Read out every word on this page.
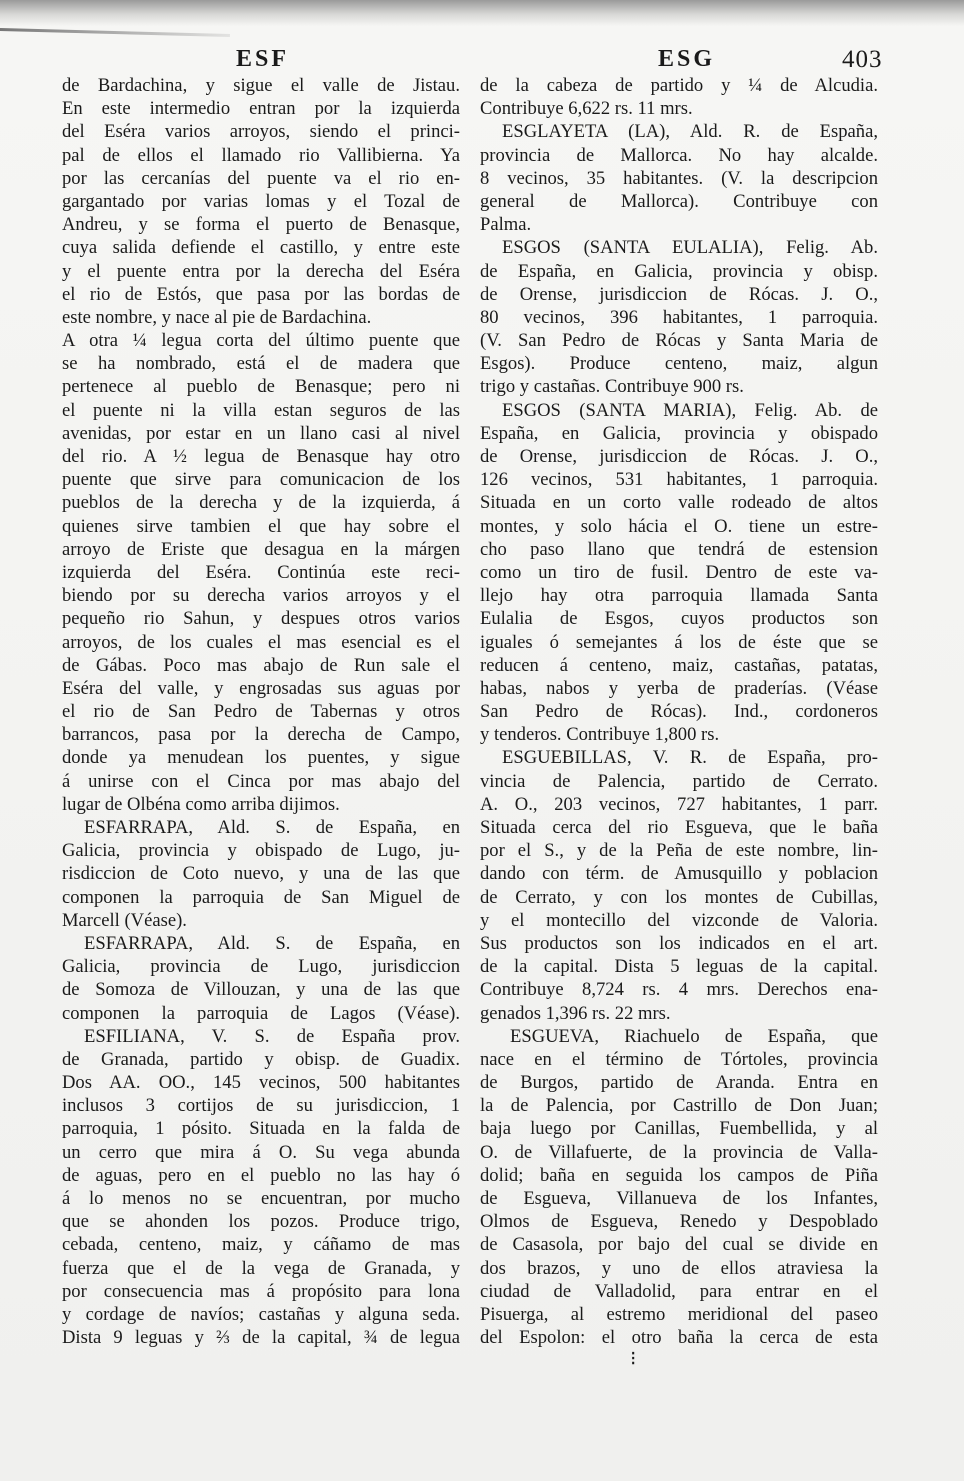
ESF	ESG	403
de Bardachina, y sigue el valle de Jistau.
En este intermedio entran por la izquierda
del Eséra varios arroyos, siendo el princi-
pal de ellos el llamado rio Vallibierna. Ya
por las cercanías del puente va el rio en-
gargantado por varias lomas y el Tozal de
Andreu, y se forma el puerto de Benasque,
cuya salida defiende el castillo, y entre este
y el puente entra por la derecha del Eséra
el rio de Estós, que pasa por las bordas de
este nombre, y nace al pie de Bardachina.
A otra ¼ legua corta del último puente que
se ha nombrado, está el de madera que
pertenece al pueblo de Benasque; pero ni
el puente ni la villa estan seguros de las
avenidas, por estar en un llano casi al nivel
del rio. A ½ legua de Benasque hay otro
puente que sirve para comunicacion de los
pueblos de la derecha y de la izquierda, á
quienes sirve tambien el que hay sobre el
arroyo de Eriste que desagua en la márgen
izquierda del Eséra. Continúa este reci-
biendo por su derecha varios arroyos y el
pequeño rio Sahun, y despues otros varios
arroyos, de los cuales el mas esencial es el
de Gábas. Poco mas abajo de Run sale el
Eséra del valle, y engrosadas sus aguas por
el rio de San Pedro de Tabernas y otros
barrancos, pasa por la derecha de Campo,
donde ya menudean los puentes, y sigue
á unirse con el Cinca por mas abajo del
lugar de Olbéna como arriba dijimos.
ESFARRAPA, Ald. S. de España, en
Galicia, provincia y obispado de Lugo, ju-
risdiccion de Coto nuevo, y una de las que
componen la parroquia de San Miguel de
Marcell (Véase).
ESFARRAPA, Ald. S. de España, en
Galicia, provincia de Lugo, jurisdiccion
de Somoza de Villouzan, y una de las que
componen la parroquia de Lagos (Véase).
ESFILIANA, V. S. de España prov.
de Granada, partido y obisp. de Guadix.
Dos AA. OO., 145 vecinos, 500 habitantes
inclusos 3 cortijos de su jurisdiccion, 1
parroquia, 1 pósito. Situada en la falda de
un cerro que mira á O. Su vega abunda
de aguas, pero en el pueblo no las hay ó
á lo menos no se encuentran, por mucho
que se ahonden los pozos. Produce trigo,
cebada, centeno, maiz, y cáñamo de mas
fuerza que el de la vega de Granada, y
por consecuencia mas á propósito para lona
y cordage de navíos; castañas y alguna seda.
Dista 9 leguas y ⅔ de la capital, ¾ de legua
de la cabeza de partido y ¼ de Alcudia.
Contribuye 6,622 rs. 11 mrs.
ESGLAYETA (LA), Ald. R. de España,
provincia de Mallorca. No hay alcalde.
8 vecinos, 35 habitantes. (V. la descripcion
general de Mallorca). Contribuye con
Palma.
ESGOS (SANTA EULALIA), Felig. Ab.
de España, en Galicia, provincia y obisp.
de Orense, jurisdiccion de Rócas. J. O.,
80 vecinos, 396 habitantes, 1 parroquia.
(V. San Pedro de Rócas y Santa Maria de
Esgos). Produce centeno, maiz, algun
trigo y castañas. Contribuye 900 rs.
ESGOS (SANTA MARIA), Felig. Ab. de
España, en Galicia, provincia y obispado
de Orense, jurisdiccion de Rócas. J. O.,
126 vecinos, 531 habitantes, 1 parroquia.
Situada en un corto valle rodeado de altos
montes, y solo hácia el O. tiene un estre-
cho paso llano que tendrá de estension
como un tiro de fusil. Dentro de este va-
llejo hay otra parroquia llamada Santa
Eulalia de Esgos, cuyos productos son
iguales ó semejantes á los de éste que se
reducen á centeno, maiz, castañas, patatas,
habas, nabos y yerba de praderías. (Véase
San Pedro de Rócas). Ind., cordoneros
y tenderos. Contribuye 1,800 rs.
ESGUEBILLAS, V. R. de España, pro-
vincia de Palencia, partido de Cerrato.
A. O., 203 vecinos, 727 habitantes, 1 parr.
Situada cerca del rio Esgueva, que le baña
por el S., y de la Peña de este nombre, lin-
dando con térm. de Amusquillo y poblacion
de Cerrato, y con los montes de Cubillas,
y el montecillo del vizconde de Valoria.
Sus productos son los indicados en el art.
de la capital. Dista 5 leguas de la capital.
Contribuye 8,724 rs. 4 mrs. Derechos ena-
genados 1,396 rs. 22 mrs.
ESGUEVA, Riachuelo de España, que
nace en el término de Tórtoles, provincia
de Burgos, partido de Aranda. Entra en
la de Palencia, por Castrillo de Don Juan;
baja luego por Canillas, Fuembellida, y al
O. de Villafuerte, de la provincia de Valla-
dolid; baña en seguida los campos de Piña
de Esgueva, Villanueva de los Infantes,
Olmos de Esgueva, Renedo y Despoblado
de Casasola, por bajo del cual se divide en
dos brazos, y uno de ellos atraviesa la
ciudad de Valladolid, para entrar en el
Pisuerga, al estremo meridional del paseo
del Espolon: el otro baña la cerca de esta
⁝
